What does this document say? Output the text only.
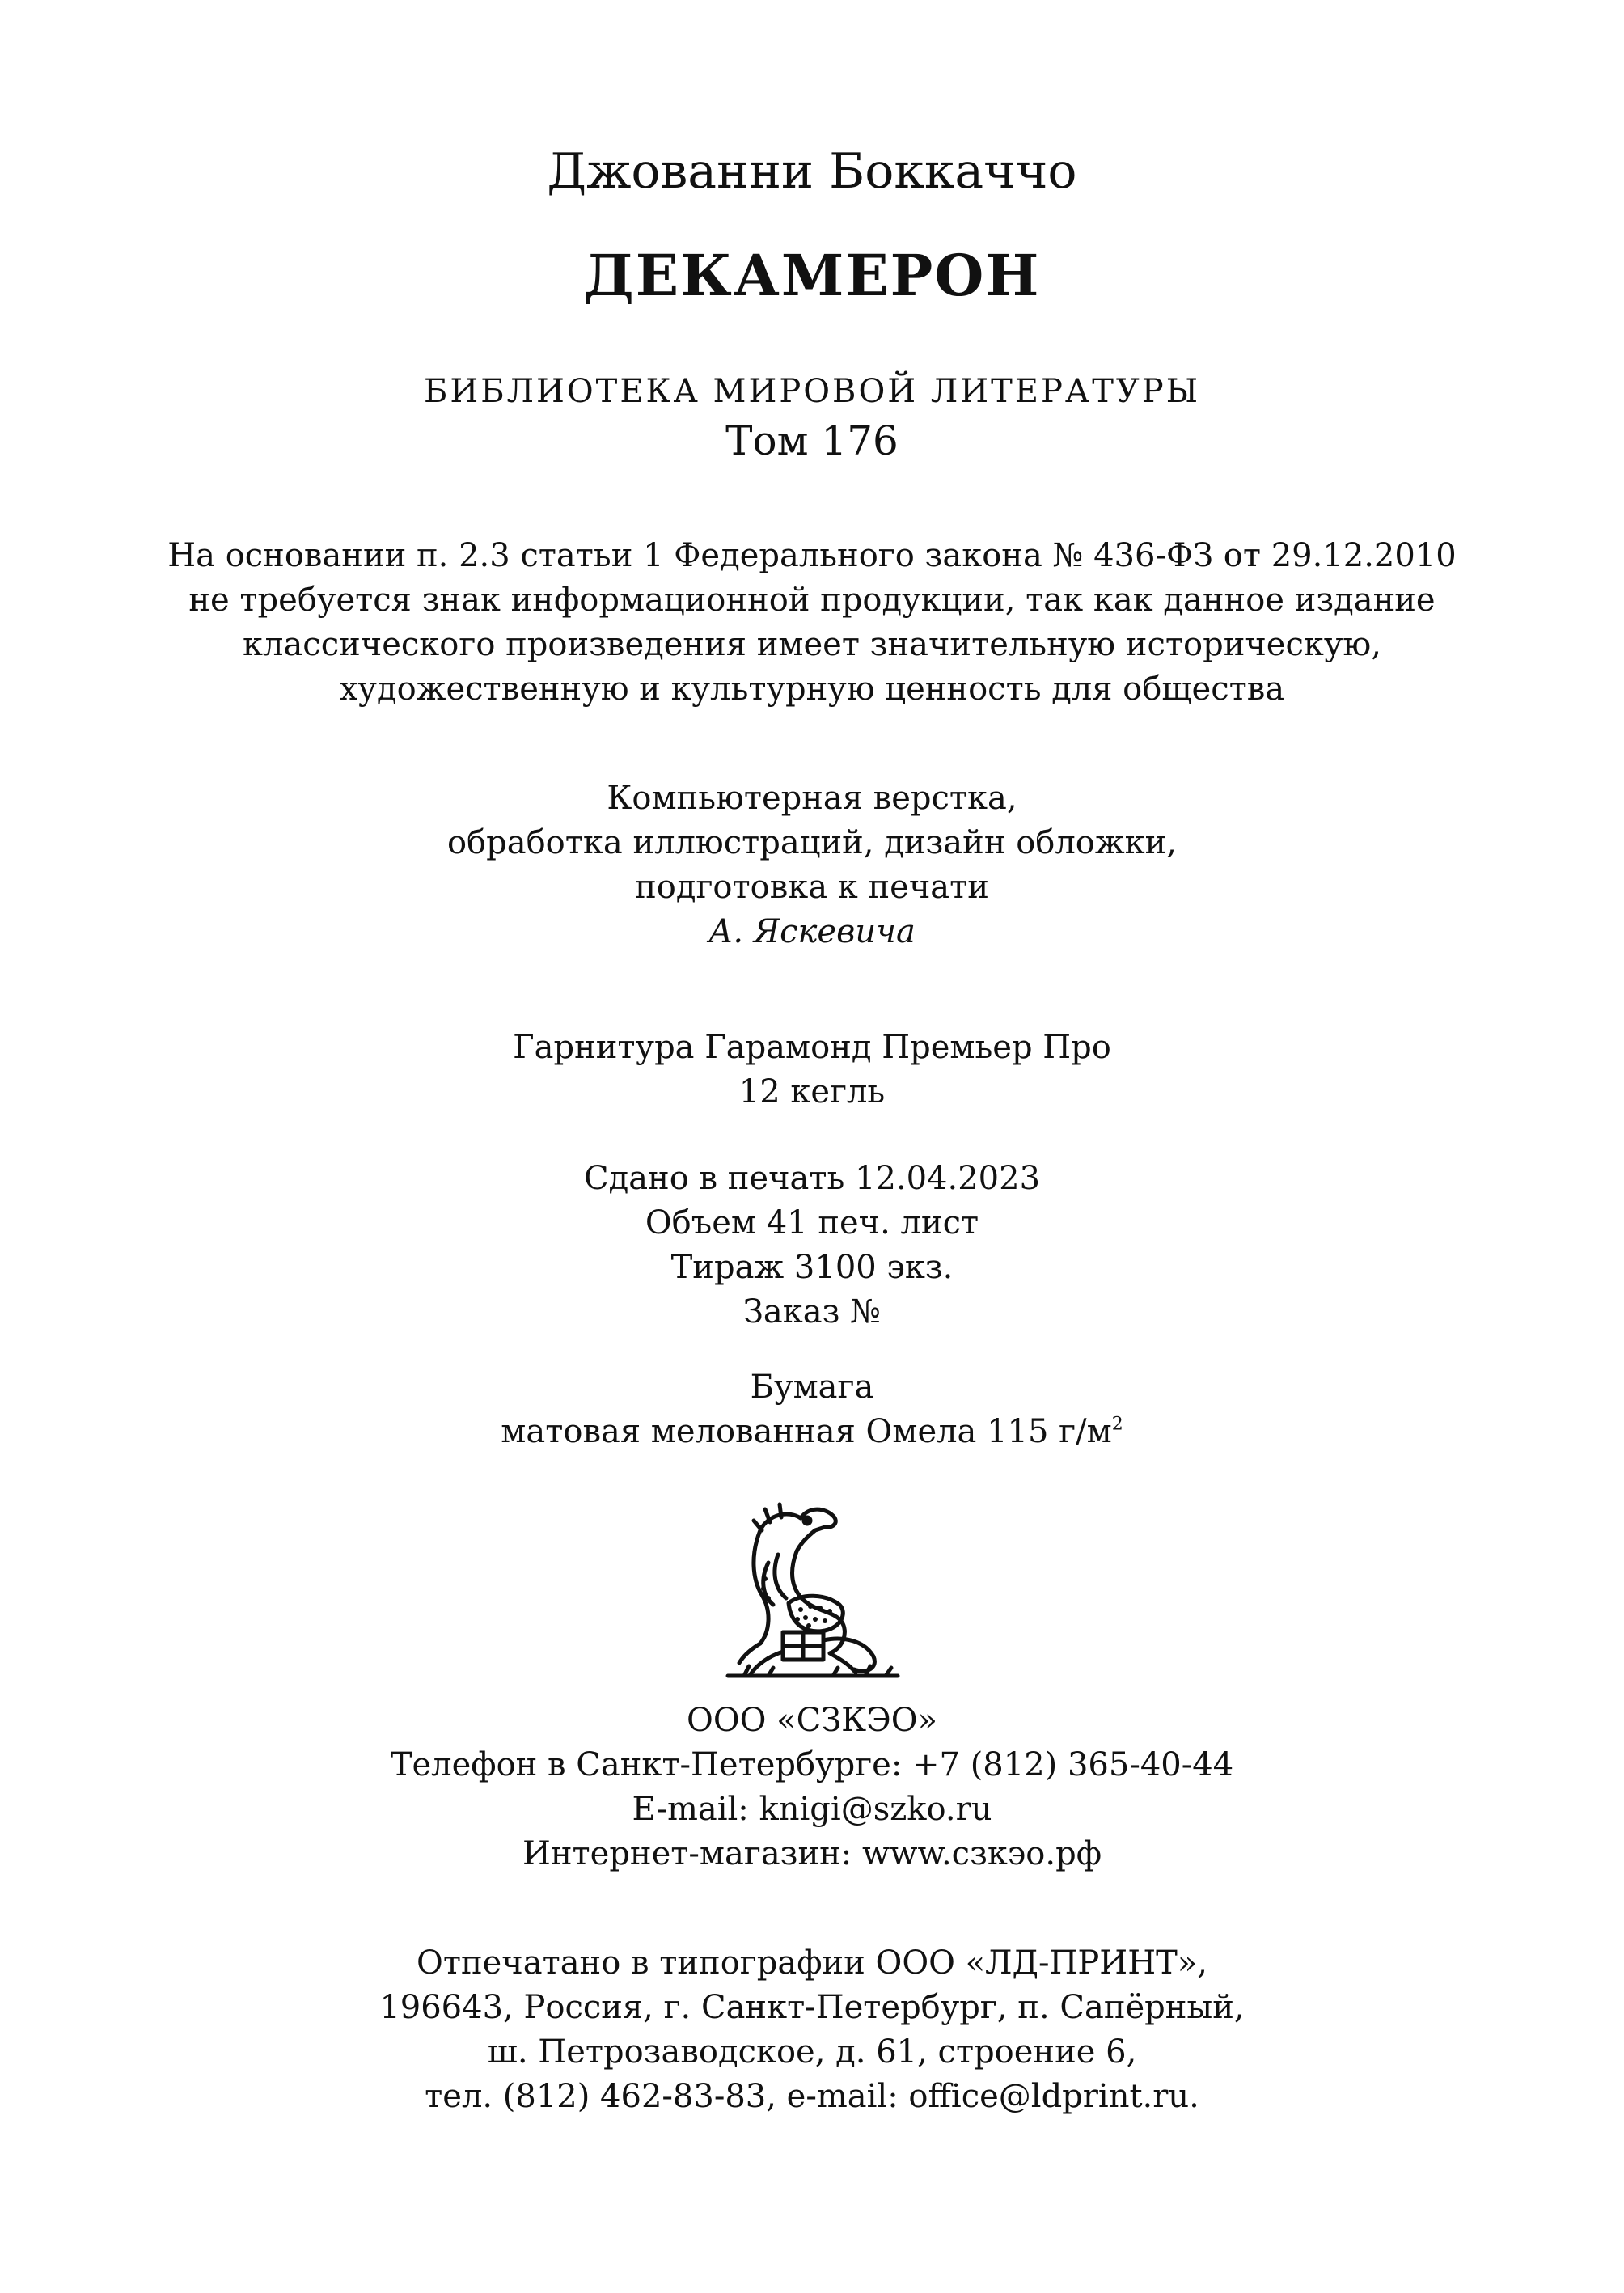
Джованни Боккаччо
ДЕКАМЕРОН
БИБЛИОТЕКА МИРОВОЙ ЛИТЕРАТУРЫ
Том 176
На основании п. 2.3 статьи 1 Федерального закона № 436-ФЗ от 29.12.2010
не требуется знак информационной продукции, так как данное издание
классического произведения имеет значительную историческую,
художественную и культурную ценность для общества
Компьютерная верстка,
обработка иллюстраций, дизайн обложки,
подготовка к печати
А. Яскевича
Гарнитура Гарамонд Премьер Про
12 кегль
Сдано в печать 12.04.2023
Объем 41 печ. лист
Тираж 3100 экз.
Заказ №
Бумага
матовая мелованная Омела 115 $г/м^2$
ООО «СЗКЭО»
Телефон в Санкт-Петербурге: +7 (812) 365-40-44
E-mail: knigi@szko.ru
Интернет-магазин: www.сзкэо.рф
Отпечатано в типографии ООО «ЛД-ПРИНТ»,
196643, Россия, г. Санкт-Петербург, п. Сапёрный,
ш. Петрозаводское, д. 61, строение 6,
тел. (812) 462-83-83, e-mail: office@ldprint.ru.
